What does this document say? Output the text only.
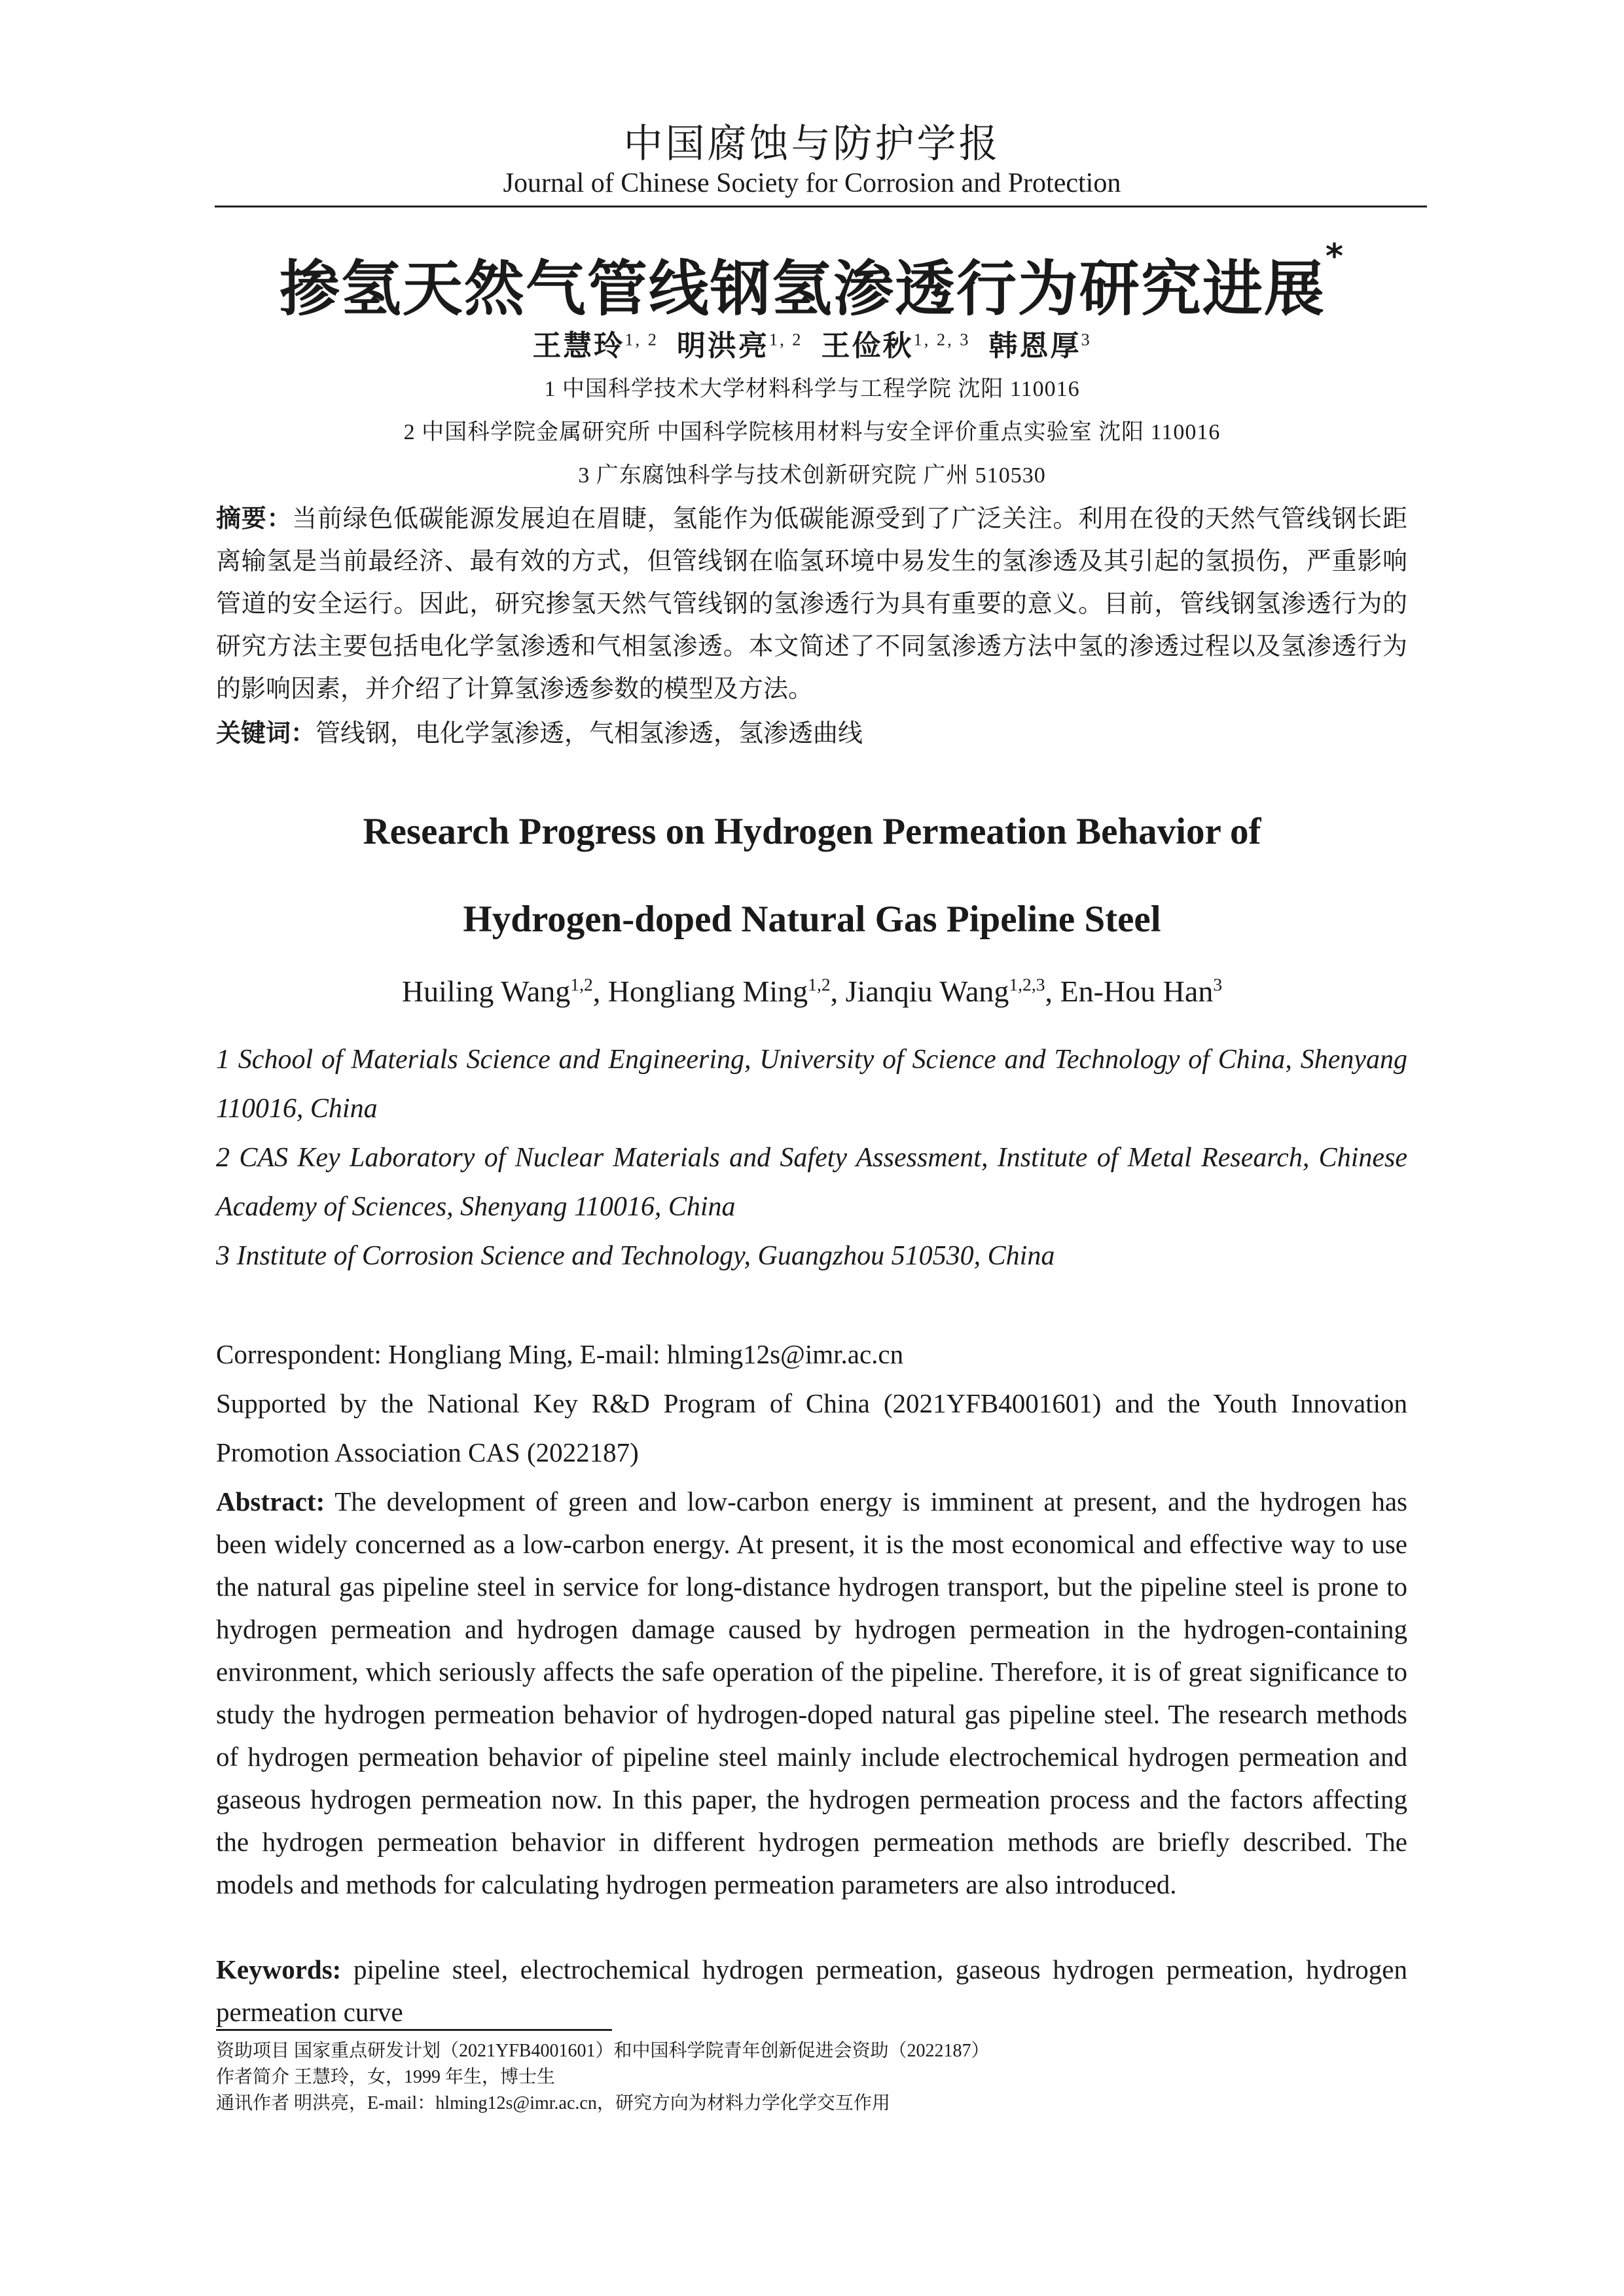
中国腐蚀与防护学报
Journal of Chinese Society for Corrosion and Protection
掺氢天然气管线钢氢渗透行为研究进展*
王慧玲$^{1, 2}$ 明洪亮$^{1, 2}$ 王俭秋$^{1, 2, 3}$ 韩恩厚$^3$
1 中国科学技术大学材料科学与工程学院 沈阳 110016
2 中国科学院金属研究所 中国科学院核用材料与安全评价重点实验室 沈阳 110016
3 广东腐蚀科学与技术创新研究院 广州 510530
摘要：当前绿色低碳能源发展迫在眉睫，氢能作为低碳能源受到了广泛关注。利用在役的天然气管线钢长距离输氢是当前最经济、最有效的方式，但管线钢在临氢环境中易发生的氢渗透及其引起的氢损伤，严重影响管道的安全运行。因此，研究掺氢天然气管线钢的氢渗透行为具有重要的意义。目前，管线钢氢渗透行为的研究方法主要包括电化学氢渗透和气相氢渗透。本文简述了不同氢渗透方法中氢的渗透过程以及氢渗透行为的影响因素，并介绍了计算氢渗透参数的模型及方法。
关键词：管线钢，电化学氢渗透，气相氢渗透，氢渗透曲线
Research Progress on Hydrogen Permeation Behavior of
Hydrogen-doped Natural Gas Pipeline Steel
Huiling Wang$^{1,2}$, Hongliang Ming$^{1,2}$, Jianqiu Wang$^{1,2,3}$, En-Hou Han$^3$
1 School of Materials Science and Engineering, University of Science and Technology of China, Shenyang 110016, China
2 CAS Key Laboratory of Nuclear Materials and Safety Assessment, Institute of Metal Research, Chinese Academy of Sciences, Shenyang 110016, China
3 Institute of Corrosion Science and Technology, Guangzhou 510530, China
Correspondent: Hongliang Ming, E-mail: hlming12s@imr.ac.cn
Supported by the National Key R&D Program of China (2021YFB4001601) and the Youth Innovation Promotion Association CAS (2022187)
Abstract: The development of green and low-carbon energy is imminent at present, and the hydrogen has been widely concerned as a low-carbon energy. At present, it is the most economical and effective way to use the natural gas pipeline steel in service for long-distance hydrogen transport, but the pipeline steel is prone to hydrogen permeation and hydrogen damage caused by hydrogen permeation in the hydrogen-containing environment, which seriously affects the safe operation of the pipeline. Therefore, it is of great significance to study the hydrogen permeation behavior of hydrogen-doped natural gas pipeline steel. The research methods of hydrogen permeation behavior of pipeline steel mainly include electrochemical hydrogen permeation and gaseous hydrogen permeation now. In this paper, the hydrogen permeation process and the factors affecting the hydrogen permeation behavior in different hydrogen permeation methods are briefly described. The models and methods for calculating hydrogen permeation parameters are also introduced.
Keywords: pipeline steel, electrochemical hydrogen permeation, gaseous hydrogen permeation, hydrogen permeation curve
资助项目 国家重点研发计划（2021YFB4001601）和中国科学院青年创新促进会资助（2022187）
作者简介 王慧玲，女，1999 年生，博士生
通讯作者 明洪亮，E-mail：hlming12s@imr.ac.cn，研究方向为材料力学化学交互作用
